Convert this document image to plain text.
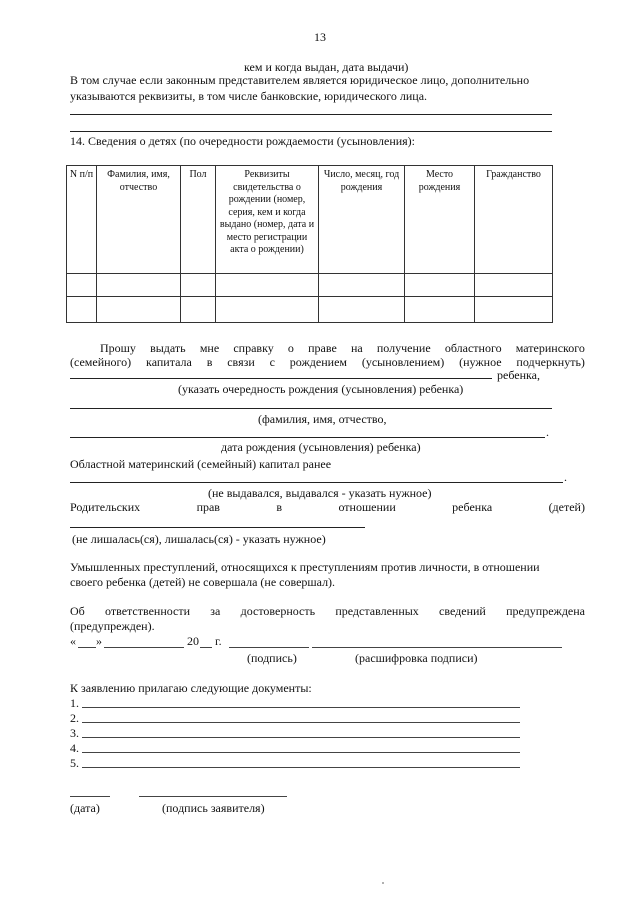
13
кем и когда выдан, дата выдачи)
В том случае если законным представителем является юридическое лицо, дополнительно
указываются реквизиты, в том числе банковские, юридического лица.
14. Сведения о детях (по очередности рождаемости (усыновления):
N п/п	Фамилия, имя, отчество	Пол	Реквизиты свидетельства о рождении (номер, серия, кем и когда выдано (номер, дата и место регистрации акта о рождении)	Число, месяц, год рождения	Место рождения	Гражданство

Прошу выдать мне справку о праве на получение областного материнского
(семейного) капитала в связи с рождением (усыновлением) (нужное подчеркнуть)
ребенка,
(указать очередность рождения (усыновления) ребенка)
(фамилия, имя, отчество,
.
дата рождения (усыновления) ребенка)
Областной материнский (семейный) капитал ранее
.
(не выдавался, выдавался - указать нужное)
Родительских	прав	в	отношении	ребенка	(детей)
(не лишалась(ся), лишалась(ся) - указать нужное)
Умышленных преступлений, относящихся к преступлениям против личности, в отношении
своего ребенка (детей) не совершала (не совершал).
Об ответственности за достоверность представленных сведений предупреждена
(предупрежден).
« »	20 г.
(подпись)	(расшифровка подписи)
К заявлению прилагаю следующие документы:
1.
2.
3.
4.
5.
(дата)	(подпись заявителя)
